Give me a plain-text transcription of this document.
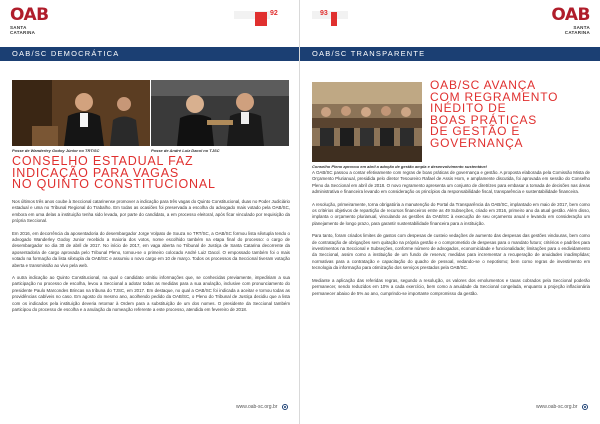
OAB
SANTA CATARINA
92
OAB/SC DEMOCRÁTICA
Posse de Wanderley Godoy Júnior no TRT/SC	Posse de André Luiz Dacol no TJSC
CONSELHO ESTADUAL FAZ
INDICAÇÃO PARA VAGAS
NO QUINTO CONSTITUCIONAL

Nos últimos três anos coube à Seccional catarinense promover a indicação para três vagas do Quinto Constitucional, duas no Poder Judiciário estadual e uma no Tribunal Regional do Trabalho. Em todas as ocasiões foi preservada a escolha do advogado mais votado pela OAB/SC, embora em uma delas a instituição tenha sido levada, por parte do candidato, a em processo eleitoral, após ficar vinculado por requisição da própria Seccional.

Em 2016, em decorrência da aposentadoria do desembargador Jorge Volpato de Souza no TRT/SC, a OAB/SC formou lista sêxtupla tendo o advogado Wanderley Godoy Junior recebido a maioria dos votos, nome escolhido também na etapa final do processo: o cargo de desembargador no dia 30 de abril de 2017. No início de 2017, em vaga aberta no Tribunal de Justiça de Santa Catarina decorrente da aposentadoria de cargo aprovada pelo Tribunal Pleno, tornou-se o primeiro colocado André Luiz Dacol. O empossado também foi o mais votado na formação da lista sêxtupla da OAB/SC e assumiu o novo cargo em 10 de março. Todos os processos da Seccional tiveram votação aberta e transmissão ao vivo pela web.

A outra indicação ao Quinto Constitucional, na qual o candidato omitiu informações que, se conhecidas previamente, impediriam a sua participação no processo de escolha, levou a Seccional a adotar todas as medidas para a sua anulação, inclusive com pronunciamento do presidente Paulo Marcondes Brincas na tribuna do TJSC, em 2017. Em destaque, no qual a OAB/SC foi indicada a aceitar e tornou todas as providências cabíveis no caso. Em agosto do mesmo ano, acolhendo pedido da OAB/SC, o Pleno do Tribunal de Justiça decidiu que a lista com os indicados pela instituição deveria retornar à Ordem para a substituição de um dos nomes. O presidente da Seccional também participou do processo de escolha e a anulação da nomeação referente a este processo, atendida em fevereiro de 2018.

www.oab-sc.org.br
93	OAB
SANTA CATARINA
OAB/SC TRANSPARENTE
Conselho Pleno aprovou em abril a adoção de gestão ampla e desenvolvimento sustentável
OAB/SC AVANÇA
COM REGRAMENTO
INÉDITO DE
BOAS PRÁTICAS
DE GESTÃO E
GOVERNANÇA

A OAB/SC passou a contar efetivamente com regras de boas práticas de governança e gestão. A proposta elaborada pela Comissão Mista de Orçamento Plurianual, presidida pelo diretor Tesoureiro Rafael de Assis Horn, e amplamente discutida, foi aprovada em sessão do Conselho Pleno da Seccional em abril de 2018. O novo regramento apresenta um conjunto de diretrizes para embasar a tomada de decisões nas áreas administrativa e financeira levando em consideração os princípios da responsabilidade fiscal, transparência e sustentabilidade financeira.

A resolução, primeiramente, torna obrigatória a manutenção do Portal da Transparência da OAB/SC, implantado em maio de 2017, bem como os critérios objetivos de repartição de recursos financeiros entre as 49 Subseções, criado em 2016, primeiro ano da atual gestão. Além disso, implanta o orçamento plurianual, vinculando as gestões da OAB/SC à execução de seu orçamento anual e levando em consideração um planejamento de longo prazo, para garantir sustentabilidade financeira para a instituição.

Para tanto, foram criados limites de gastos com despesas de custeio vedações de aumento das despesas das gestões vindouras, bem como de contratação de obrigações sem quitação na própria gestão e o comprometido de despesas para o mandato futuro; critérios e padrões para investimentos na Seccional e Subseções, conforme número de advogados, economicidade e funcionalidade; limitações para o endividamento da Seccional, assim como a instituição de um fundo de reserva; medidas para incrementar a recuperação de anuidades inadimplidas; normativas para a contratação e capacitação do quadro de pessoal, vedando-se o nepotismo; bem como regras de investimento em tecnologia da informação para otimização dos serviços prestados pela OAB/SC.

Mediante a aplicação das referidas regras, segundo a resolução, os valores dos emolumentos e taxas cobrados pela Seccional poderão permanecer, sendo reduzidos em 10% a cada exercício, bem como a anuidade da Seccional congelada, enquanto a projeção inflacionária permanecer abaixo de 5% ao ano, cumprindo-se importante compromisso da gestão.

www.oab-sc.org.br
